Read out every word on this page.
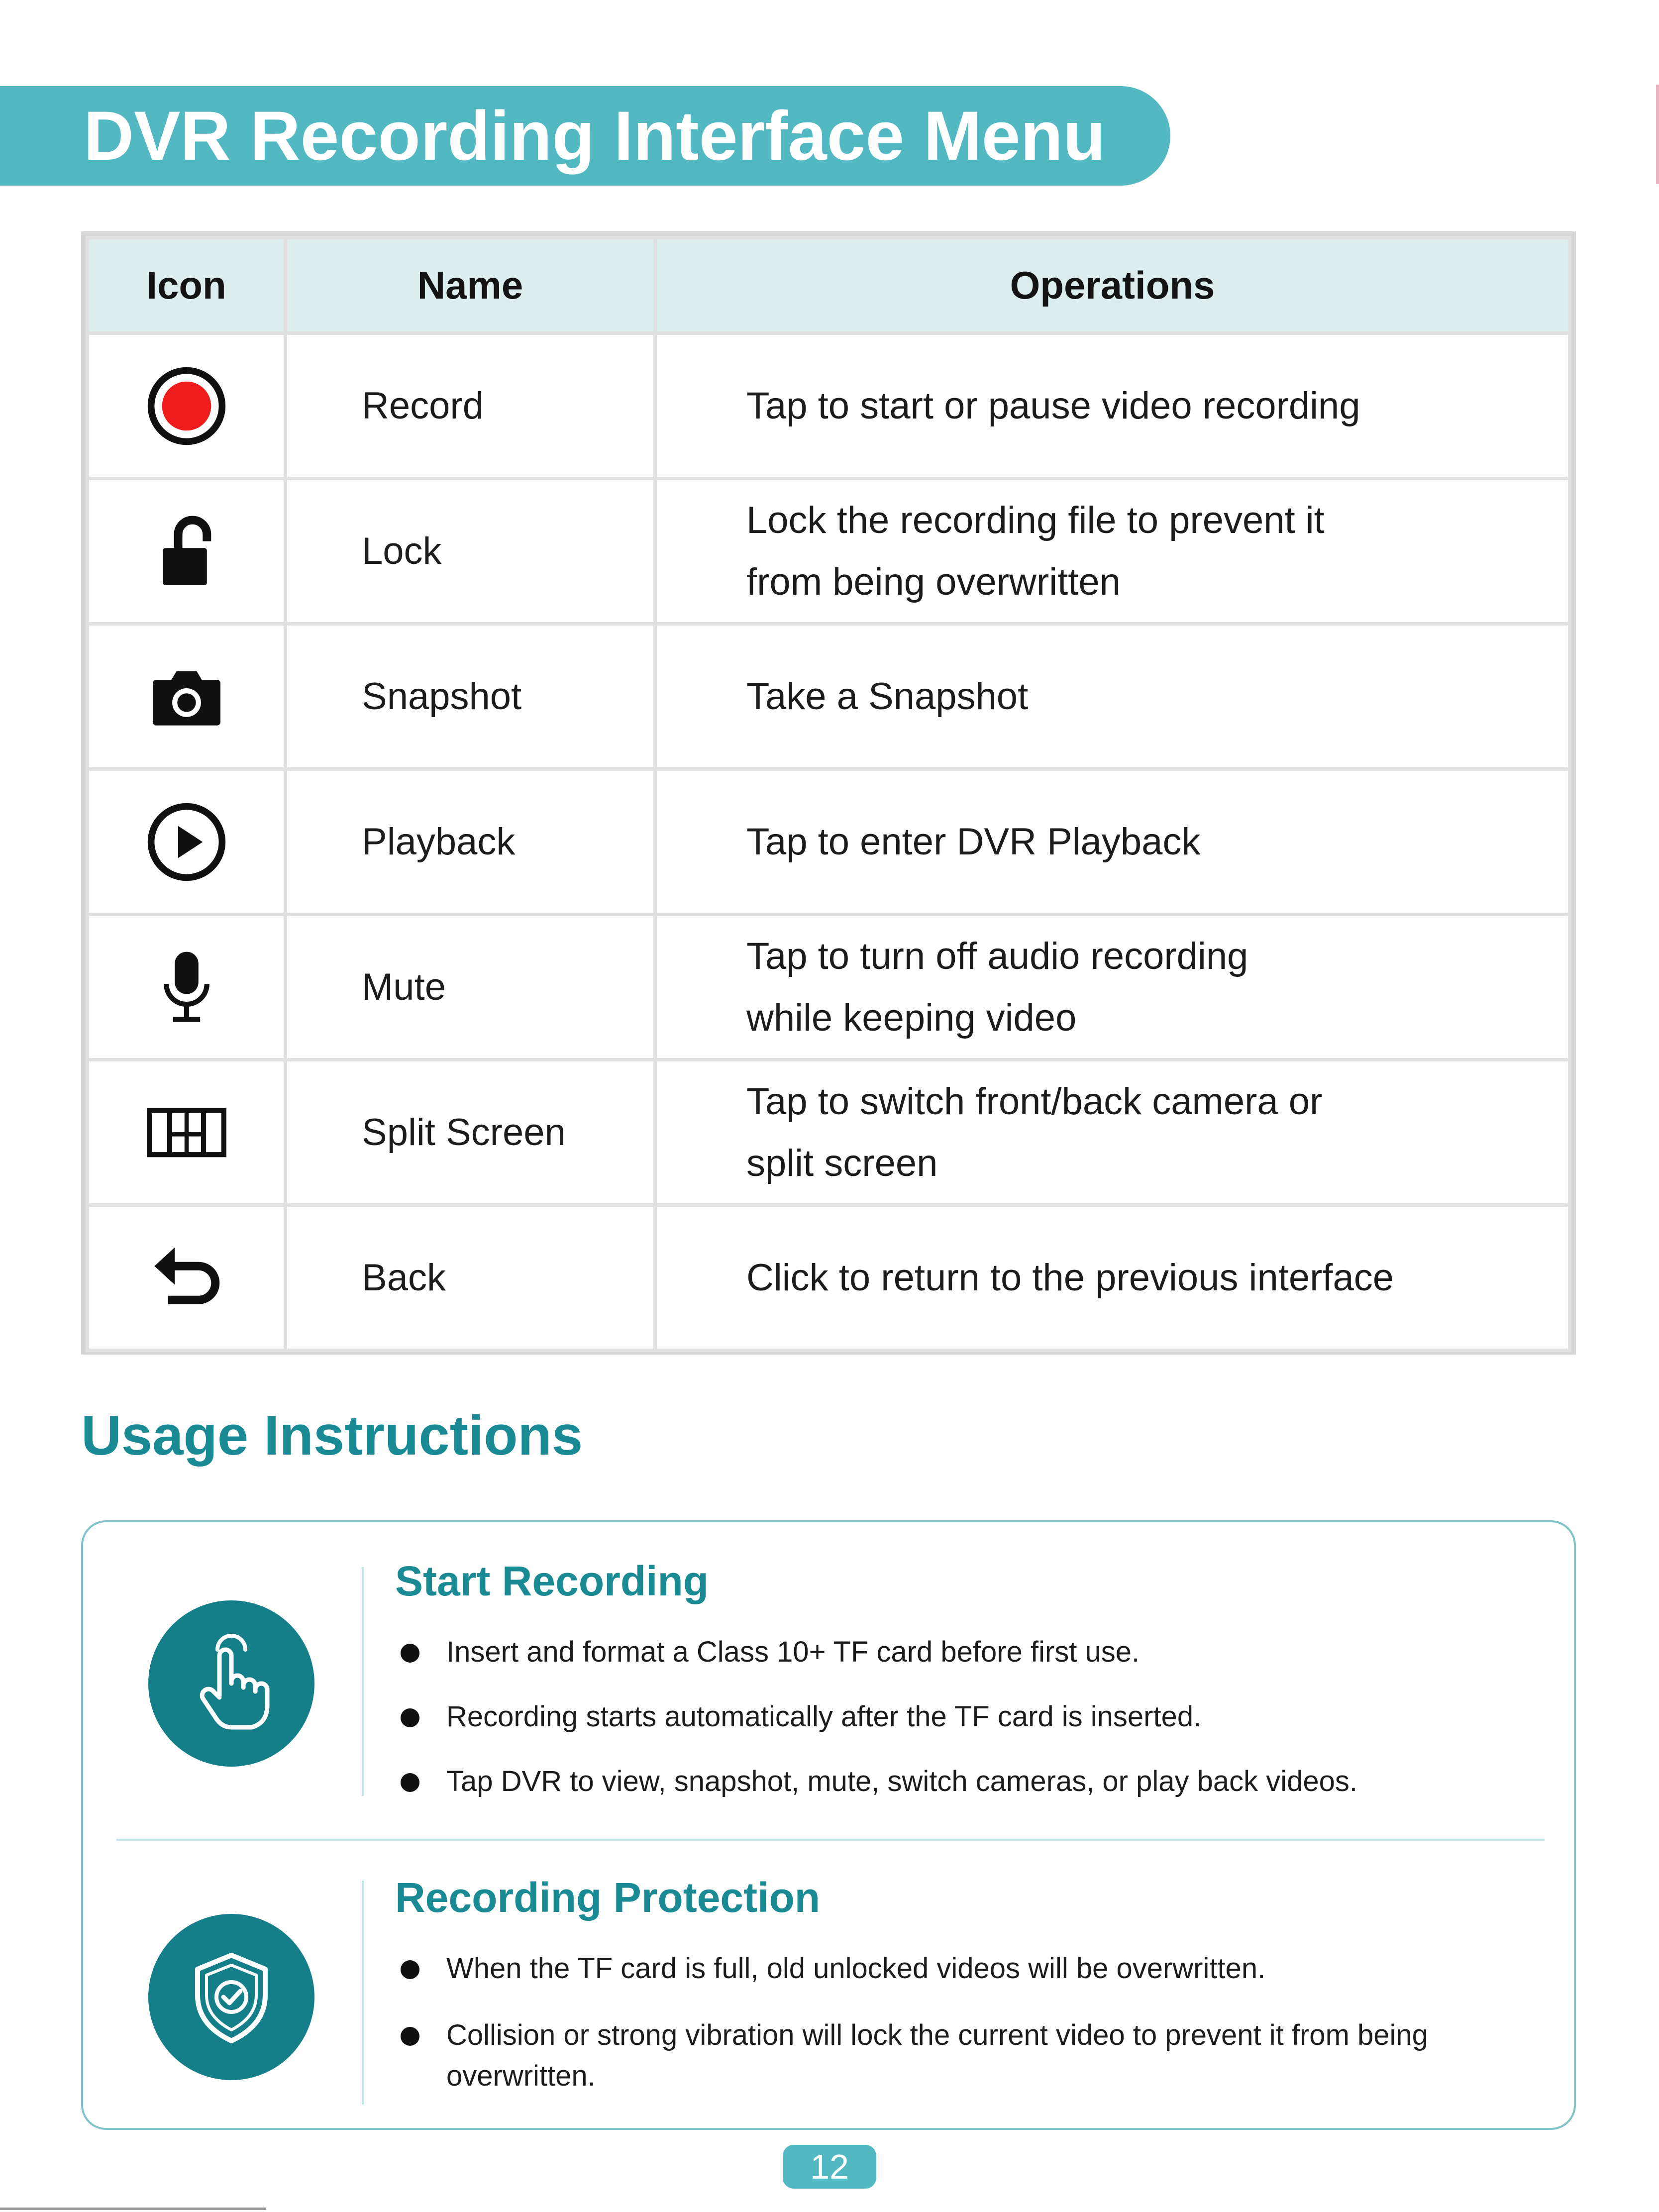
DVR Recording Interface Menu
Icon	Name	Operations
	Record	Tap to start or pause video recording
	Lock	Lock the recording file to prevent it
from being overwritten
	Snapshot	Take a Snapshot
	Playback	Tap to enter DVR Playback
	Mute	Tap to turn off audio recording
while keeping video
	Split Screen	Tap to switch front/back camera or
split screen
	Back	Click to return to the previous interface
Usage Instructions
Start Recording
Insert and format a Class 10+ TF card before first use.
Recording starts automatically after the TF card is inserted.
Tap DVR to view, snapshot, mute, switch cameras, or play back videos.
Recording Protection
When the TF card is full, old unlocked videos will be overwritten.
Collision or strong vibration will lock the current video to prevent it from being overwritten.
12
